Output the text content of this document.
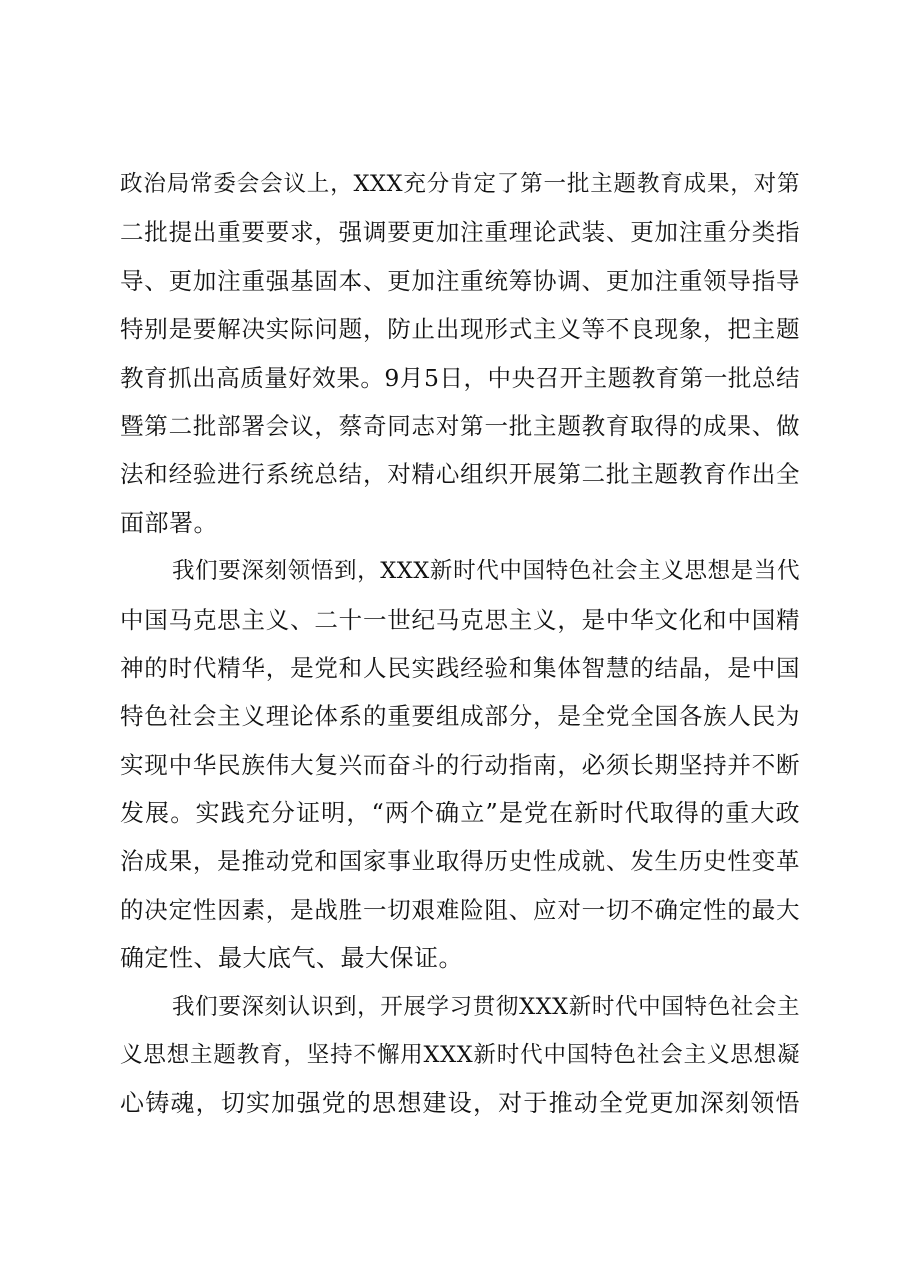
政治局常委会会议上，XXX充分肯定了第一批主题教育成果，对第
二批提出重要要求，强调要更加注重理论武装、更加注重分类指
导、更加注重强基固本、更加注重统筹协调、更加注重领导指导
特别是要解决实际问题，防止出现形式主义等不良现象，把主题
教育抓出高质量好效果。9月5日，中央召开主题教育第一批总结
暨第二批部署会议，蔡奇同志对第一批主题教育取得的成果、做
法和经验进行系统总结，对精心组织开展第二批主题教育作出全
面部署。
我们要深刻领悟到，XXX新时代中国特色社会主义思想是当代
中国马克思主义、二十一世纪马克思主义，是中华文化和中国精
神的时代精华，是党和人民实践经验和集体智慧的结晶，是中国
特色社会主义理论体系的重要组成部分，是全党全国各族人民为
实现中华民族伟大复兴而奋斗的行动指南，必须长期坚持并不断
发展。实践充分证明，“两个确立”是党在新时代取得的重大政
治成果，是推动党和国家事业取得历史性成就、发生历史性变革
的决定性因素，是战胜一切艰难险阻、应对一切不确定性的最大
确定性、最大底气、最大保证。
我们要深刻认识到，开展学习贯彻XXX新时代中国特色社会主
义思想主题教育，坚持不懈用XXX新时代中国特色社会主义思想凝
心铸魂，切实加强党的思想建设，对于推动全党更加深刻领悟
